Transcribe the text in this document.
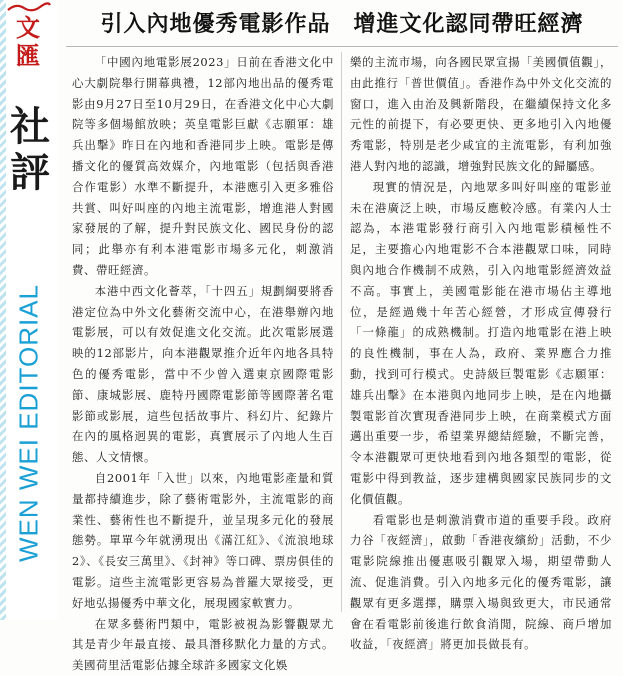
文匯
社評
WEN WEI EDITORIAL
引入內地優秀電影作品　增進文化認同帶旺經濟

「中國內地電影展2023」日前在香港文化中心大劇院舉行開幕典禮，12部內地出品的優秀電影由9月27日至10月29日，在香港文化中心大劇院等多個場館放映；英皇電影巨獻《志願軍：雄兵出擊》昨日在內地和香港同步上映。電影是傳播文化的優質高效媒介，內地電影（包括與香港合作電影）水準不斷提升，本港應引入更多雅俗共賞、叫好叫座的內地主流電影，增進港人對國家發展的了解，提升對民族文化、國民身份的認同；此舉亦有利本港電影市場多元化，刺激消費、帶旺經濟。

本港中西文化薈萃，「十四五」規劃綱要將香港定位為中外文化藝術交流中心，在港舉辦內地電影展，可以有效促進文化交流。此次電影展選映的12部影片，向本港觀眾推介近年內地各具特色的優秀電影，當中不少曾入選東京國際電影節、康城影展、鹿特丹國際電影節等國際著名電影節或影展，這些包括故事片、科幻片、紀錄片在內的風格迥異的電影，真實展示了內地人生百態、人文情懷。

自2001年「入世」以來，內地電影產量和質量都持續進步，除了藝術電影外，主流電影的商業性、藝術性也不斷提升，並呈現多元化的發展態勢。單單今年就湧現出《滿江紅》、《流浪地球2》、《長安三萬里》、《封神》等口碑、票房俱佳的電影。這些主流電影更容易為普羅大眾接受，更好地弘揚優秀中華文化，展現國家軟實力。

在眾多藝術門類中，電影被視為影響觀眾尤其是青少年最直接、最具潛移默化力量的方式。美國荷里活電影佔據全球許多國家文化娛

樂的主流市場，向各國民眾宣揚「美國價值觀」，由此推行「普世價值」。香港作為中外文化交流的窗口，進入由治及興新階段，在繼續保持文化多元性的前提下，有必要更快、更多地引入內地優秀電影，特別是老少咸宜的主流電影，有利加強港人對內地的認識，增強對民族文化的歸屬感。

現實的情況是，內地眾多叫好叫座的電影並未在港廣泛上映，市場反應較冷感。有業內人士認為，本港電影發行商引入內地電影積極性不足，主要擔心內地電影不合本港觀眾口味，同時與內地合作機制不成熟，引入內地電影經濟效益不高。事實上，美國電影能在港市場佔主導地位，是經過幾十年苦心經營，才形成宣傳發行「一條龍」的成熟機制。打造內地電影在港上映的良性機制，事在人為，政府、業界應合力推動，找到可行模式。史詩級巨製電影《志願軍：雄兵出擊》在本港與內地同步上映，是在內地攝製電影首次實現香港同步上映，在商業模式方面邁出重要一步，希望業界總結經驗，不斷完善，令本港觀眾可更快地看到內地各類型的電影，從電影中得到教益，逐步建構與國家民族同步的文化價值觀。

看電影也是刺激消費市道的重要手段。政府力谷「夜經濟」，啟動「香港夜繽紛」活動，不少電影院線推出優惠吸引觀眾入場，期望帶動人流、促進消費。引入內地多元化的優秀電影，讓觀眾有更多選擇，購票入場與致更大，市民通常會在看電影前後進行飲食消閒，院線、商戶增加收益，「夜經濟」將更加長做長有。
